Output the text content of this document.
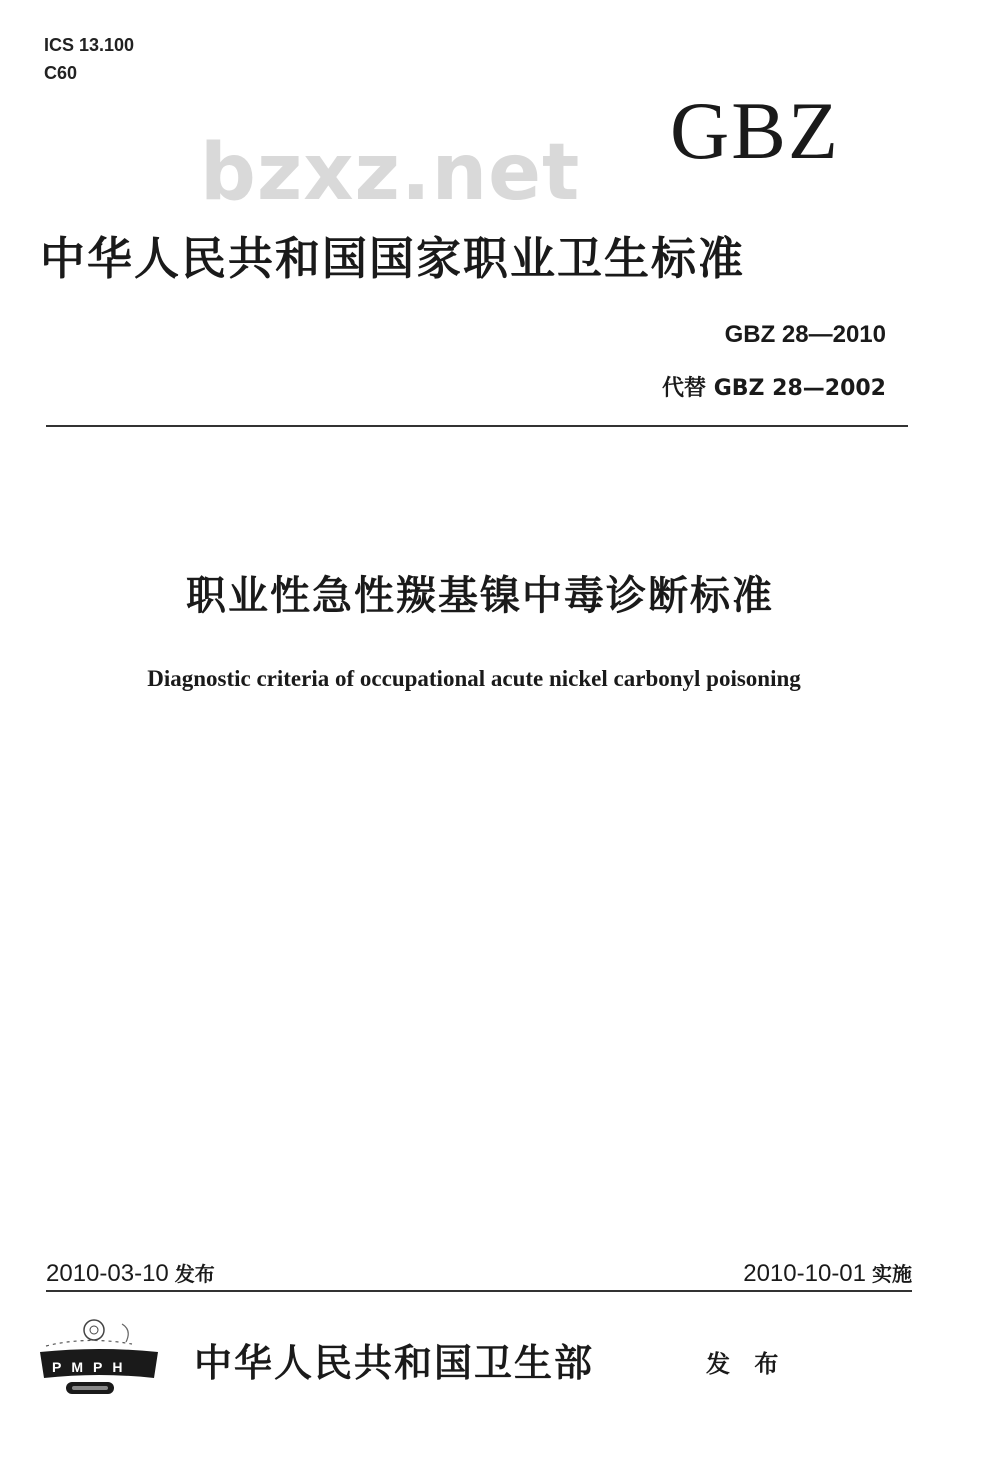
ICS 13.100
C60
bzxz.net GBZ
中华人民共和国国家职业卫生标准
GBZ 28—2010
代替 GBZ 28—2002
职业性急性羰基镍中毒诊断标准
Diagnostic criteria of occupational acute nickel carbonyl poisoning
2010-03-10 发布	2010-10-01 实施
PMPH 中华人民共和国卫生部	发 布
